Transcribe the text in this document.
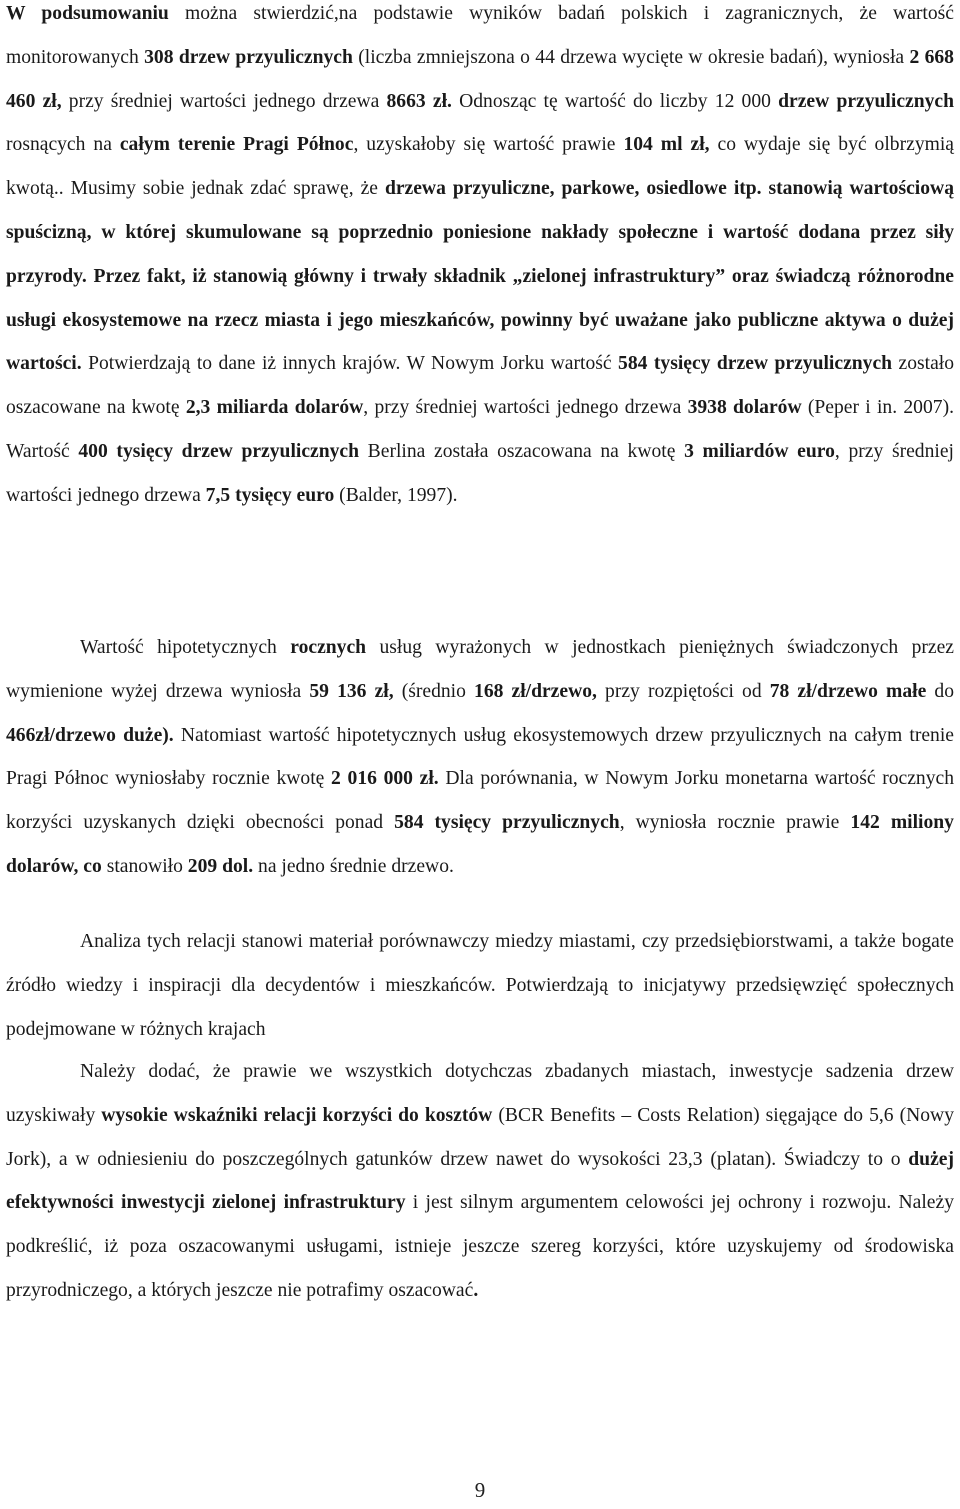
W podsumowaniu można stwierdzić,na podstawie wyników badań polskich i zagranicznych, że wartość monitorowanych 308 drzew przyulicznych (liczba zmniejszona o 44 drzewa wycięte w okresie badań), wyniosła 2 668 460 zł, przy średniej wartości jednego drzewa 8663 zł. Odnosząc tę wartość do liczby 12 000 drzew przyulicznych rosnących na całym terenie Pragi Północ, uzyskałoby się wartość prawie 104 ml zł, co wydaje się być olbrzymią kwotą.. Musimy sobie jednak zdać sprawę, że drzewa przyuliczne, parkowe, osiedlowe itp. stanowią wartościową spuścizną, w której skumulowane są poprzednio poniesione nakłady społeczne i wartość dodana przez siły przyrody. Przez fakt, iż stanowią główny i trwały składnik „zielonej infrastruktury” oraz świadczą różnorodne usługi ekosystemowe na rzecz miasta i jego mieszkańców, powinny być uważane jako publiczne aktywa o dużej wartości. Potwierdzają to dane iż innych krajów. W Nowym Jorku wartość 584 tysięcy drzew przyulicznych zostało oszacowane na kwotę 2,3 miliarda dolarów, przy średniej wartości jednego drzewa 3938 dolarów (Peper i in. 2007). Wartość 400 tysięcy drzew przyulicznych Berlina została oszacowana na kwotę 3 miliardów euro, przy średniej wartości jednego drzewa 7,5 tysięcy euro (Balder, 1997).

Wartość hipotetycznych rocznych usług wyrażonych w jednostkach pieniężnych świadczonych przez wymienione wyżej drzewa wyniosła 59 136 zł, (średnio 168 zł/drzewo, przy rozpiętości od 78 zł/drzewo małe do 466zł/drzewo duże). Natomiast wartość hipotetycznych usług ekosystemowych drzew przyulicznych na całym trenie Pragi Północ wyniosłaby rocznie kwotę 2 016 000 zł. Dla porównania, w Nowym Jorku monetarna wartość rocznych korzyści uzyskanych dzięki obecności ponad 584 tysięcy przyulicznych, wyniosła rocznie prawie 142 miliony dolarów, co stanowiło 209 dol. na jedno średnie drzewo.

Analiza tych relacji stanowi materiał porównawczy miedzy miastami, czy przedsiębiorstwami, a także bogate źródło wiedzy i inspiracji dla decydentów i mieszkańców. Potwierdzają to inicjatywy przedsięwzięć społecznych podejmowane w różnych krajach

Należy dodać, że prawie we wszystkich dotychczas zbadanych miastach, inwestycje sadzenia drzew uzyskiwały wysokie wskaźniki relacji korzyści do kosztów (BCR Benefits – Costs Relation) sięgające do 5,6 (Nowy Jork), a w odniesieniu do poszczególnych gatunków drzew nawet do wysokości 23,3 (platan). Świadczy to o dużej efektywności inwestycji zielonej infrastruktury i jest silnym argumentem celowości jej ochrony i rozwoju. Należy podkreślić, iż poza oszacowanymi usługami, istnieje jeszcze szereg korzyści, które uzyskujemy od środowiska przyrodniczego, a których jeszcze nie potrafimy oszacować.

9
